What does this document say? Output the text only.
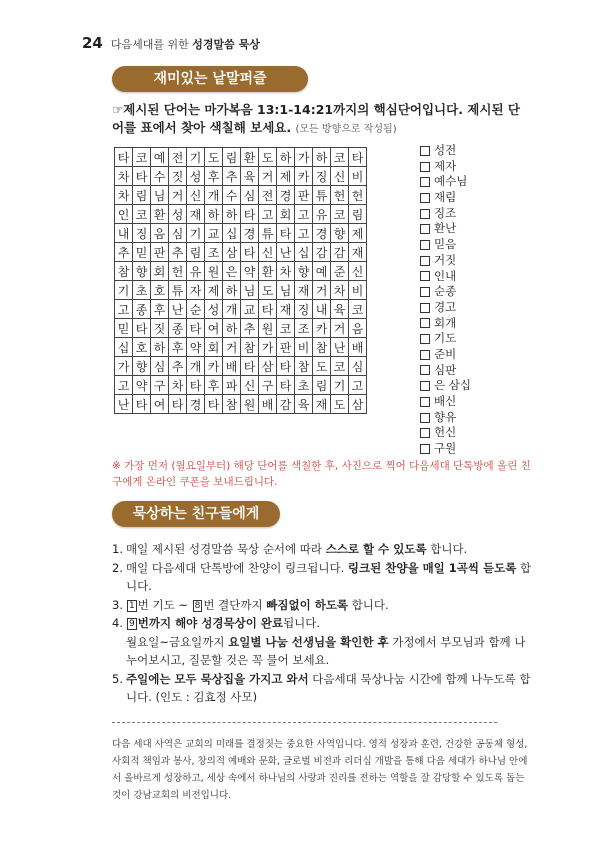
24 다음세대를 위한 성경말씀 묵상
재미있는 낱말퍼즐
☞제시된 단어는 마가복음 13:1-14:21까지의 핵심단어입니다. 제시된 단어를 표에서 찾아 색칠해 보세요. (모든 방향으로 작성됨)
타	코	예	전	기	도	림	환	도	하	가	하	코	타
차	타	수	짓	성	후	추	육	거	제	카	징	신	비
차	림	님	거	신	개	수	심	전	경	판	튜	헌	헌
인	코	환	성	재	하	하	타	고	회	고	유	코	림
내	징	음	심	기	교	십	경	튜	타	고	경	향	제
추	믿	판	추	림	조	삼	타	신	난	십	감	감	재
참	향	회	헌	유	원	은	약	환	차	향	예	준	신
기	초	호	튜	자	제	하	님	도	님	재	거	차	비
고	종	후	난	순	성	개	교	타	재	징	내	육	코
믿	타	짓	종	타	여	하	추	원	코	조	카	거	음
십	호	하	후	약	회	거	참	가	판	비	참	난	배
가	향	심	추	개	카	배	타	삼	타	참	도	코	심
고	약	구	차	타	후	파	신	구	타	초	림	기	고
난	타	여	타	경	타	참	원	배	감	육	재	도	삼
성전
제자
예수님
재림
징조
환난
믿음
거짓
인내
순종
경고
회개
기도
준비
심판
은 삼십
배신
향유
헌신
구원
※ 가장 먼저 (월요일부터) 해당 단어를 색칠한 후, 사진으로 찍어 다음세대 단톡방에 올린 친구에게 온라인 쿠폰을 보내드립니다.
묵상하는 친구들에게
1. 매일 제시된 성경말씀 묵상 순서에 따라 스스로 할 수 있도록 합니다.
2. 매일 다음세대 단톡방에 찬양이 링크됩니다. 링크된 찬양을 매일 1곡씩 듣도록 합니다.
3. 1 번 기도 ~ 8 번 결단까지 빠짐없이 하도록 합니다.
4. 9 번까지 해야 성경묵상이 완료됩니다.
월요일~금요일까지 요일별 나눔 선생님을 확인한 후 가정에서 부모님과 함께 나누어보시고, 질문할 것은 꼭 물어 보세요.
5. 주일에는 모두 묵상집을 가지고 와서 다음세대 묵상나눔 시간에 함께 나누도록 합니다. (인도 : 김효정 사모)
다음 세대 사역은 교회의 미래를 결정짓는 중요한 사역입니다. 영적 성장과 훈련, 건강한 공동체 형성, 사회적 책임과 봉사, 창의적 예배와 문화, 글로벌 비전과 리더십 개발을 통해 다음 세대가 하나님 안에서 올바르게 성장하고, 세상 속에서 하나님의 사랑과 진리를 전하는 역할을 잘 감당할 수 있도록 돕는 것이 강남교회의 비전입니다.
